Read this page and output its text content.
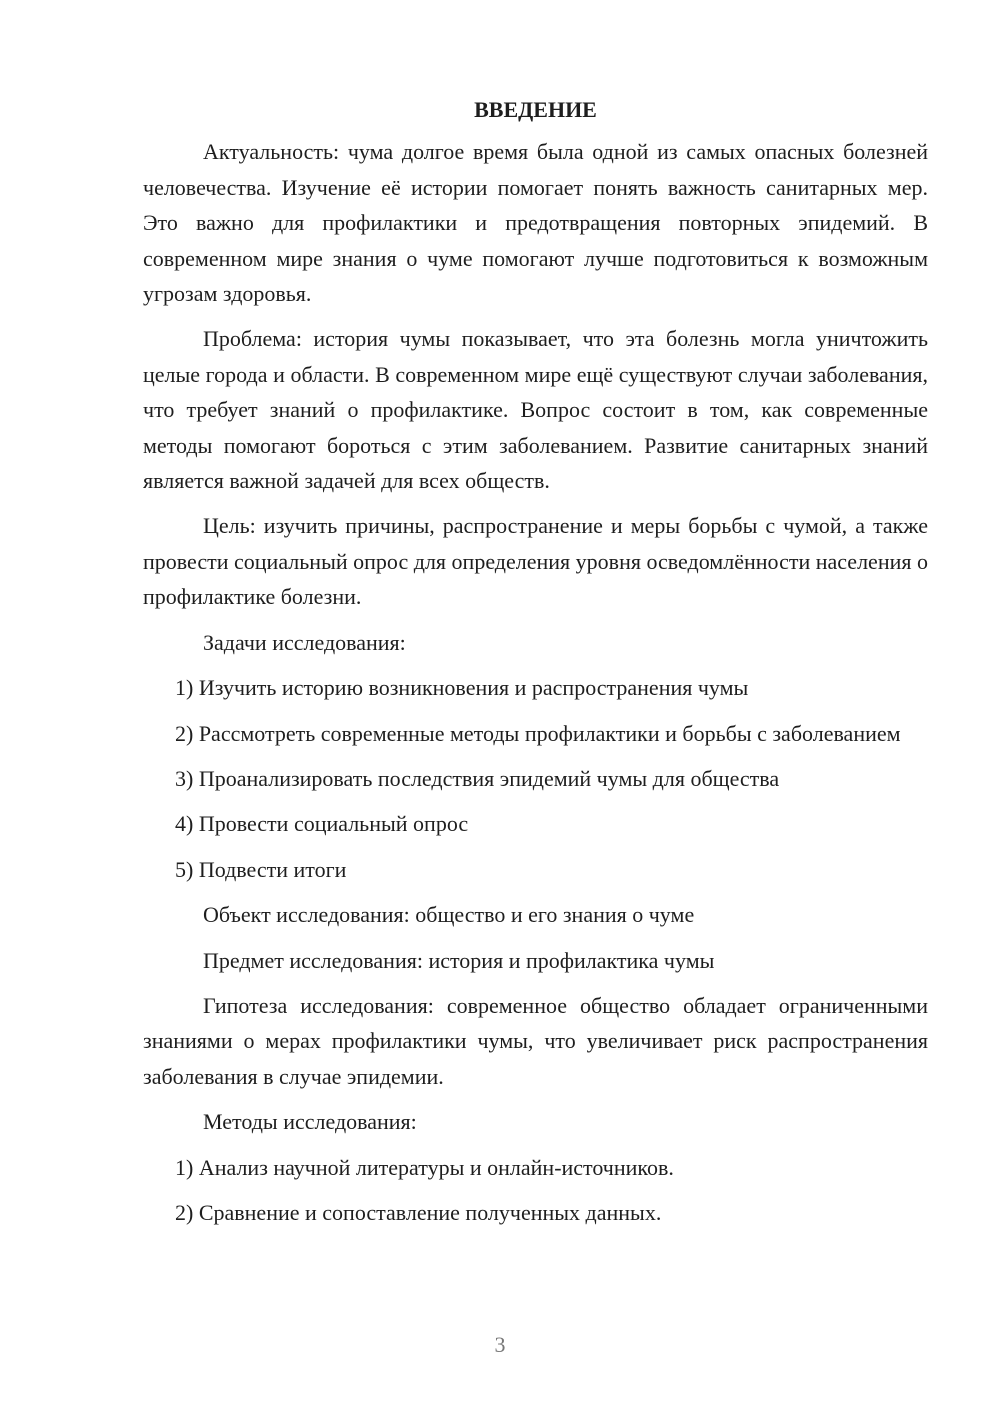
ВВЕДЕНИЕ

Актуальность: чума долгое время была одной из самых опасных болезней человечества. Изучение её истории помогает понять важность санитарных мер. Это важно для профилактики и предотвращения повторных эпидемий. В современном мире знания о чуме помогают лучше подготовиться к возможным угрозам здоровья.

Проблема: история чумы показывает, что эта болезнь могла уничтожить целые города и области. В современном мире ещё существуют случаи заболевания, что требует знаний о профилактике. Вопрос состоит в том, как современные методы помогают бороться с этим заболеванием. Развитие санитарных знаний является важной задачей для всех обществ.

Цель: изучить причины, распространение и меры борьбы с чумой, а также провести социальный опрос для определения уровня осведомлённости населения о профилактике болезни.

Задачи исследования:

1) Изучить историю возникновения и распространения чумы

2) Рассмотреть современные методы профилактики и борьбы с заболеванием

3) Проанализировать последствия эпидемий чумы для общества

4) Провести социальный опрос

5) Подвести итоги

Объект исследования: общество и его знания о чуме

Предмет исследования: история и профилактика чумы

Гипотеза исследования: современное общество обладает ограниченными знаниями о мерах профилактики чумы, что увеличивает риск распространения заболевания в случае эпидемии.

Методы исследования:

1) Анализ научной литературы и онлайн-источников.

2) Сравнение и сопоставление полученных данных.

3
